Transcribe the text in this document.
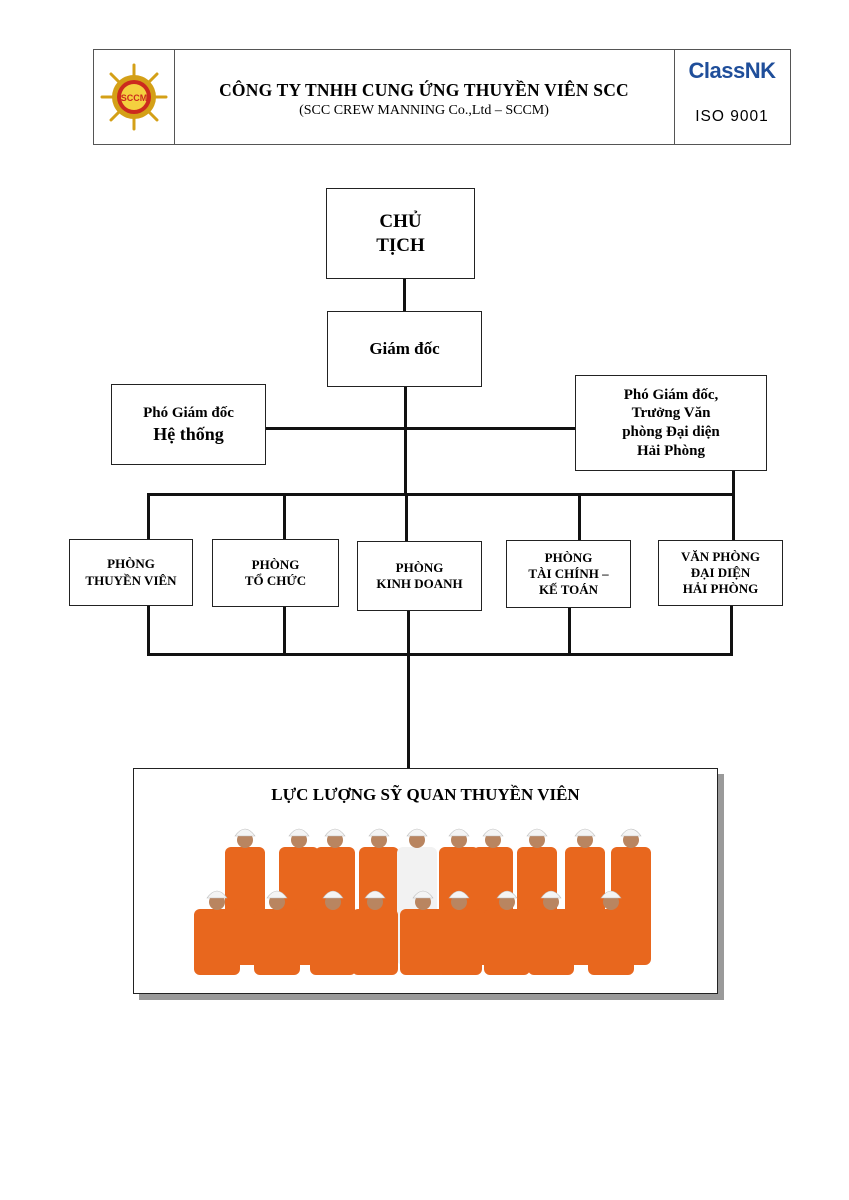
SCCM	CÔNG TY TNHH CUNG ỨNG THUYỀN VIÊN SCC
(SCC CREW MANNING Co.,Ltd – SCCM)
ClassNK
ISO 9001
CHỦ
TỊCH
Giám đốc
Phó Giám đốc
Hệ thống
Phó Giám đốc,
Trưởng Văn
phòng Đại diện
Hải Phòng
PHÒNG
THUYỀN VIÊN
PHÒNG
TỔ CHỨC
PHÒNG
KINH DOANH
PHÒNG
TÀI CHÍNH –
KẾ TOÁN
VĂN PHÒNG
ĐẠI DIỆN
HẢI PHÒNG
LỰC LƯỢNG SỸ QUAN THUYỀN VIÊN
